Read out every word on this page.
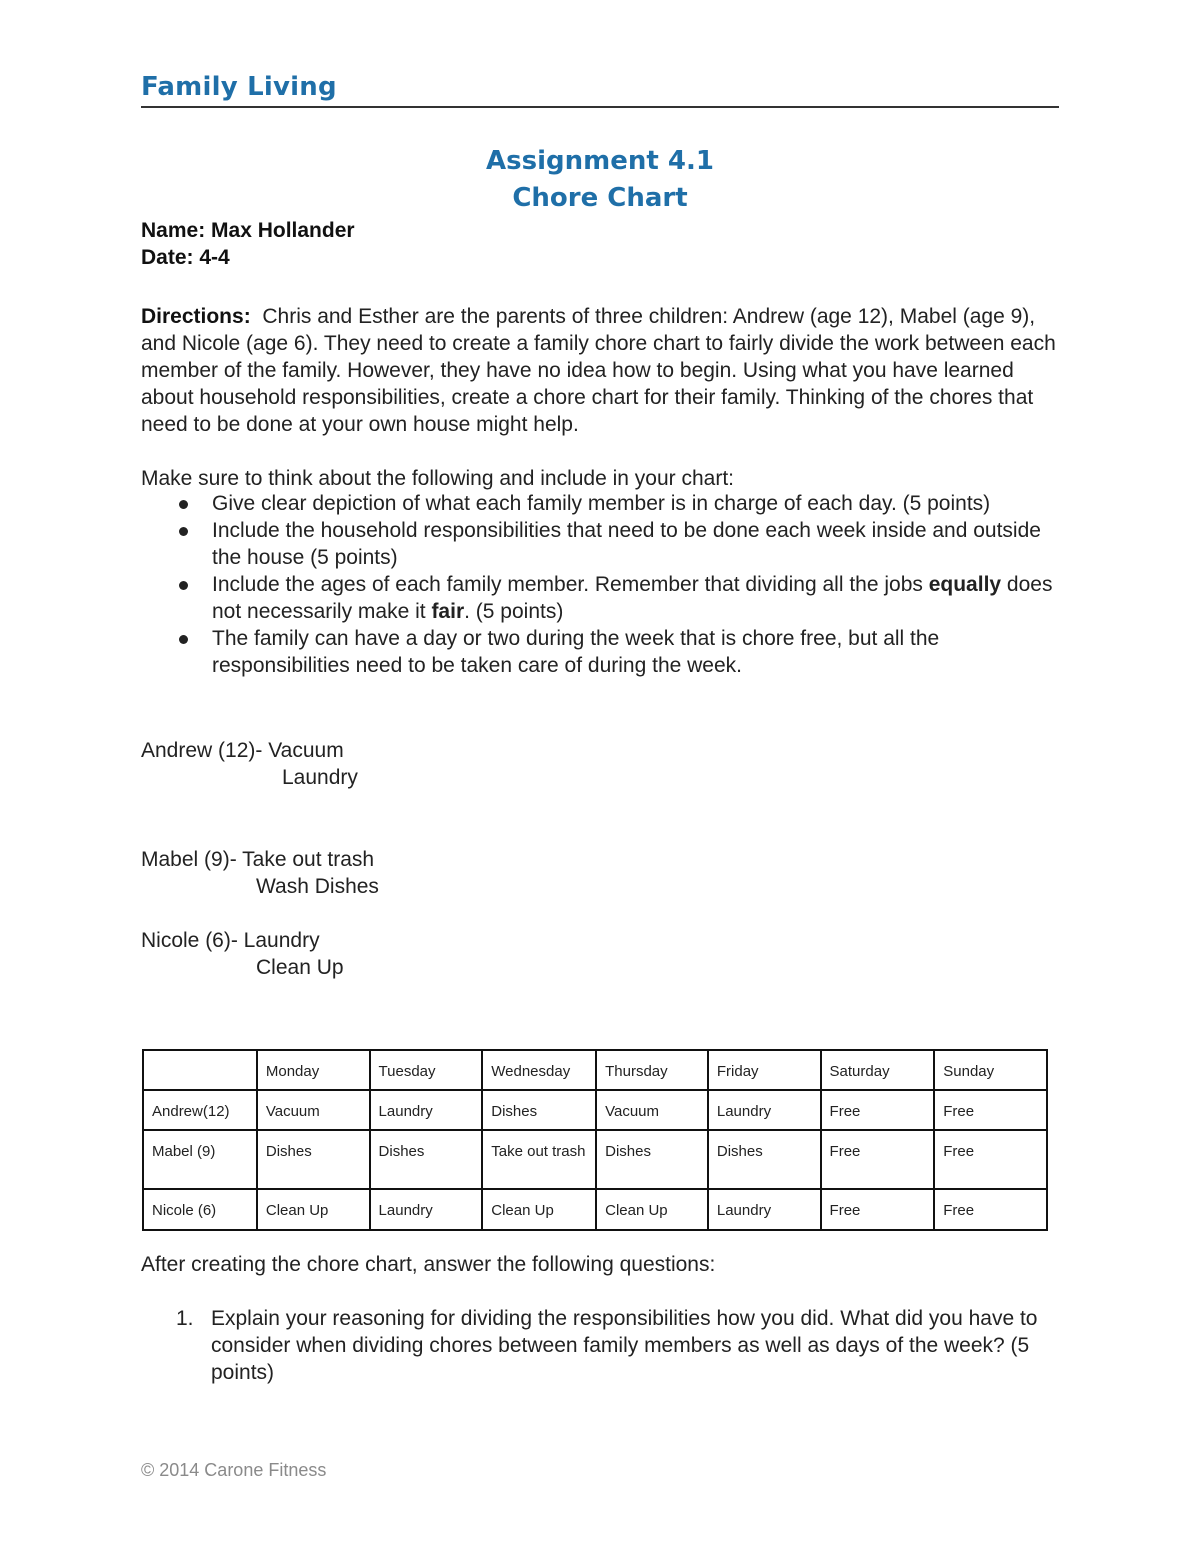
Family Living
Assignment 4.1
Chore Chart
Name: Max Hollander
Date: 4-4
Directions: Chris and Esther are the parents of three children: Andrew (age 12), Mabel (age 9), and Nicole (age 6). They need to create a family chore chart to fairly divide the work between each member of the family. However, they have no idea how to begin. Using what you have learned about household responsibilities, create a chore chart for their family. Thinking of the chores that need to be done at your own house might help.
Make sure to think about the following and include in your chart:
Give clear depiction of what each family member is in charge of each day. (5 points)
Include the household responsibilities that need to be done each week inside and outside the house (5 points)
Include the ages of each family member. Remember that dividing all the jobs equally does not necessarily make it fair. (5 points)
The family can have a day or two during the week that is chore free, but all the responsibilities need to be taken care of during the week.
Andrew (12)- Vacuum
Laundry
Mabel (9)- Take out trash
Wash Dishes
Nicole (6)- Laundry
Clean Up
	Monday	Tuesday	Wednesday	Thursday	Friday	Saturday	Sunday
Andrew(12)	Vacuum	Laundry	Dishes	Vacuum	Laundry	Free	Free
Mabel (9)	Dishes	Dishes	Take out trash	Dishes	Dishes	Free	Free
Nicole (6)	Clean Up	Laundry	Clean Up	Clean Up	Laundry	Free	Free
After creating the chore chart, answer the following questions:
1. Explain your reasoning for dividing the responsibilities how you did. What did you have to consider when dividing chores between family members as well as days of the week? (5 points)
© 2014 Carone Fitness
